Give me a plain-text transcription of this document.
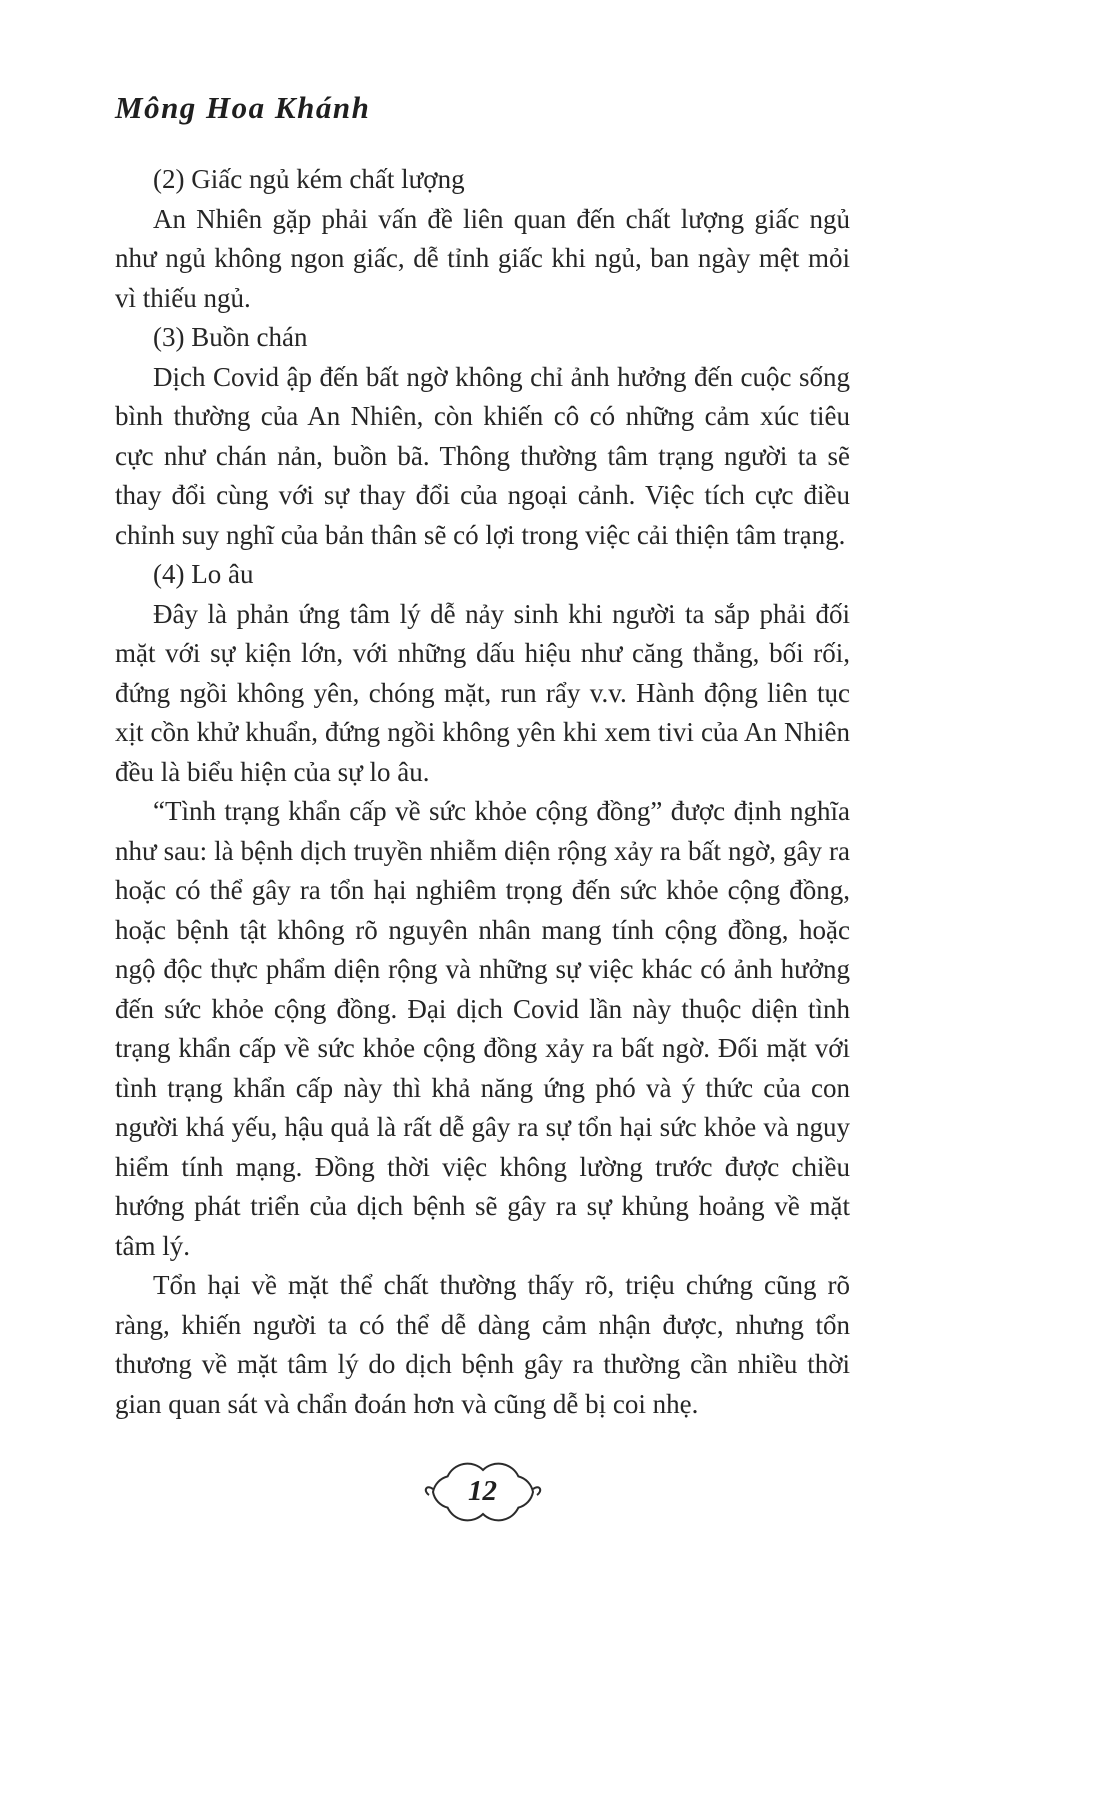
Mông Hoa Khánh

(2) Giấc ngủ kém chất lượng

An Nhiên gặp phải vấn đề liên quan đến chất lượng giấc ngủ như ngủ không ngon giấc, dễ tỉnh giấc khi ngủ, ban ngày mệt mỏi vì thiếu ngủ.

(3) Buồn chán

Dịch Covid ập đến bất ngờ không chỉ ảnh hưởng đến cuộc sống bình thường của An Nhiên, còn khiến cô có những cảm xúc tiêu cực như chán nản, buồn bã. Thông thường tâm trạng người ta sẽ thay đổi cùng với sự thay đổi của ngoại cảnh. Việc tích cực điều chỉnh suy nghĩ của bản thân sẽ có lợi trong việc cải thiện tâm trạng.

(4) Lo âu

Đây là phản ứng tâm lý dễ nảy sinh khi người ta sắp phải đối mặt với sự kiện lớn, với những dấu hiệu như căng thẳng, bối rối, đứng ngồi không yên, chóng mặt, run rẩy v.v. Hành động liên tục xịt cồn khử khuẩn, đứng ngồi không yên khi xem tivi của An Nhiên đều là biểu hiện của sự lo âu.

“Tình trạng khẩn cấp về sức khỏe cộng đồng” được định nghĩa như sau: là bệnh dịch truyền nhiễm diện rộng xảy ra bất ngờ, gây ra hoặc có thể gây ra tổn hại nghiêm trọng đến sức khỏe cộng đồng, hoặc bệnh tật không rõ nguyên nhân mang tính cộng đồng, hoặc ngộ độc thực phẩm diện rộng và những sự việc khác có ảnh hưởng đến sức khỏe cộng đồng. Đại dịch Covid lần này thuộc diện tình trạng khẩn cấp về sức khỏe cộng đồng xảy ra bất ngờ. Đối mặt với tình trạng khẩn cấp này thì khả năng ứng phó và ý thức của con người khá yếu, hậu quả là rất dễ gây ra sự tổn hại sức khỏe và nguy hiểm tính mạng. Đồng thời việc không lường trước được chiều hướng phát triển của dịch bệnh sẽ gây ra sự khủng hoảng về mặt tâm lý.

Tổn hại về mặt thể chất thường thấy rõ, triệu chứng cũng rõ ràng, khiến người ta có thể dễ dàng cảm nhận được, nhưng tổn thương về mặt tâm lý do dịch bệnh gây ra thường cần nhiều thời gian quan sát và chẩn đoán hơn và cũng dễ bị coi nhẹ.

12
